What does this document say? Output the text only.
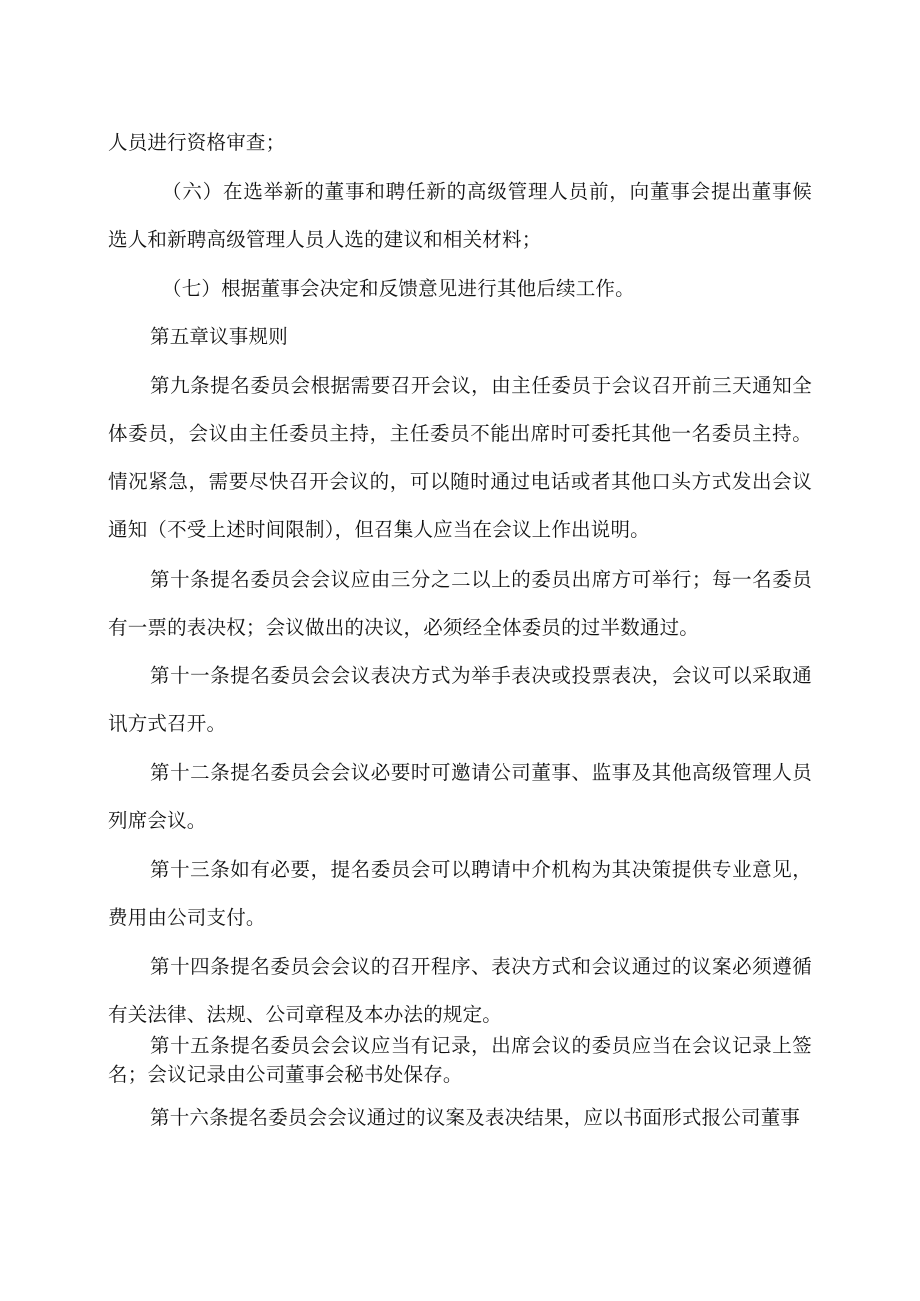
人员进行资格审查；

（六）在选举新的董事和聘任新的高级管理人员前，向董事会提出董事候选人和新聘高级管理人员人选的建议和相关材料；

（七）根据董事会决定和反馈意见进行其他后续工作。

第五章议事规则

第九条提名委员会根据需要召开会议，由主任委员于会议召开前三天通知全体委员，会议由主任委员主持，主任委员不能出席时可委托其他一名委员主持。情况紧急，需要尽快召开会议的，可以随时通过电话或者其他口头方式发出会议通知（不受上述时间限制），但召集人应当在会议上作出说明。

第十条提名委员会会议应由三分之二以上的委员出席方可举行；每一名委员有一票的表决权；会议做出的决议，必须经全体委员的过半数通过。

第十一条提名委员会会议表决方式为举手表决或投票表决，会议可以采取通讯方式召开。

第十二条提名委员会会议必要时可邀请公司董事、监事及其他高级管理人员列席会议。

第十三条如有必要，提名委员会可以聘请中介机构为其决策提供专业意见，费用由公司支付。

第十四条提名委员会会议的召开程序、表决方式和会议通过的议案必须遵循有关法律、法规、公司章程及本办法的规定。

第十五条提名委员会会议应当有记录，出席会议的委员应当在会议记录上签名；会议记录由公司董事会秘书处保存。

第十六条提名委员会会议通过的议案及表决结果，应以书面形式报公司董事
